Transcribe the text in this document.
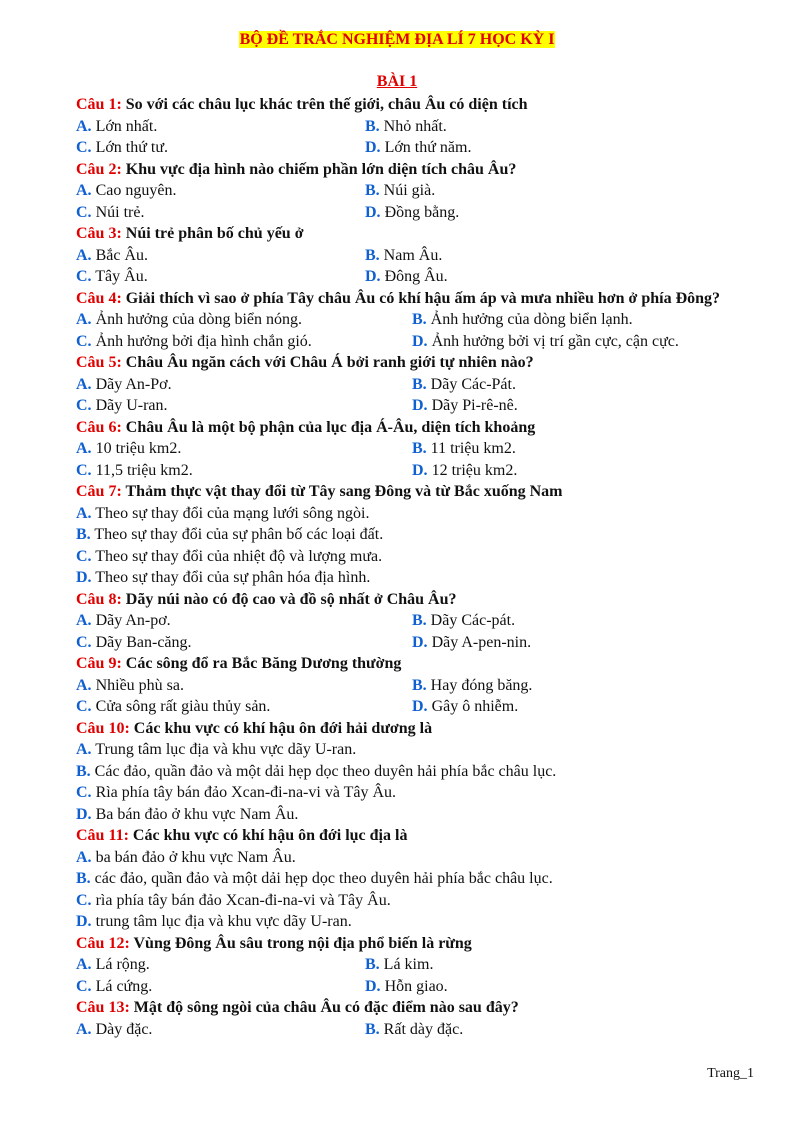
BỘ ĐỀ TRẮC NGHIỆM ĐỊA LÍ 7 HỌC KỲ I
BÀI 1
Câu 1: So với các châu lục khác trên thế giới, châu Âu có diện tích
A. Lớn nhất.	B. Nhỏ nhất.
C. Lớn thứ tư.	D. Lớn thứ năm.
Câu 2: Khu vực địa hình nào chiếm phần lớn diện tích châu Âu?
A. Cao nguyên.	B. Núi già.
C. Núi trẻ.	D. Đồng bằng.
Câu 3: Núi trẻ phân bố chủ yếu ở
A. Bắc Âu.	B. Nam Âu.
C. Tây Âu.	D. Đông Âu.
Câu 4: Giải thích vì sao ở phía Tây châu Âu có khí hậu ấm áp và mưa nhiều hơn ở phía Đông?
A. Ảnh hưởng của dòng biển nóng.	B. Ảnh hưởng của dòng biển lạnh.
C. Ảnh hưởng bởi địa hình chắn gió.	D. Ảnh hưởng bởi vị trí gần cực, cận cực.
Câu 5: Châu Âu ngăn cách với Châu Á bởi ranh giới tự nhiên nào?
A. Dãy An-Pơ.	B. Dãy Các-Pát.
C. Dãy U-ran.	D. Dãy Pi-rê-nê.
Câu 6: Châu Âu là một bộ phận của lục địa Á-Âu, diện tích khoảng
A. 10 triệu km2.	B. 11 triệu km2.
C. 11,5 triệu km2.	D. 12 triệu km2.
Câu 7: Thảm thực vật thay đổi từ Tây sang Đông và từ Bắc xuống Nam
A. Theo sự thay đổi của mạng lưới sông ngòi.
B. Theo sự thay đổi của sự phân bố các loại đất.
C. Theo sự thay đổi của nhiệt độ và lượng mưa.
D. Theo sự thay đổi của sự phân hóa địa hình.
Câu 8: Dãy núi nào có độ cao và đồ sộ nhất ở Châu Âu?
A. Dãy An-pơ.	B. Dãy Các-pát.
C. Dãy Ban-căng.	D. Dãy A-pen-nin.
Câu 9: Các sông đổ ra Bắc Băng Dương thường
A. Nhiều phù sa.	B. Hay đóng băng.
C. Cửa sông rất giàu thủy sản.	D. Gây ô nhiễm.
Câu 10: Các khu vực có khí hậu ôn đới hải dương là
A. Trung tâm lục địa và khu vực dãy U-ran.
B. Các đảo, quần đảo và một dải hẹp dọc theo duyên hải phía bắc châu lục.
C. Rìa phía tây bán đảo Xcan-đi-na-vi và Tây Âu.
D. Ba bán đảo ở khu vực Nam Âu.
Câu 11: Các khu vực có khí hậu ôn đới lục địa là
A. ba bán đảo ở khu vực Nam Âu.
B. các đảo, quần đảo và một dải hẹp dọc theo duyên hải phía bắc châu lục.
C. rìa phía tây bán đảo Xcan-đi-na-vi và Tây Âu.
D. trung tâm lục địa và khu vực dãy U-ran.
Câu 12: Vùng Đông Âu sâu trong nội địa phổ biến là rừng
A. Lá rộng.	B. Lá kim.
C. Lá cứng.	D. Hỗn giao.
Câu 13: Mật độ sông ngòi của châu Âu có đặc điểm nào sau đây?
A. Dày đặc.	B. Rất dày đặc.
Trang_1
